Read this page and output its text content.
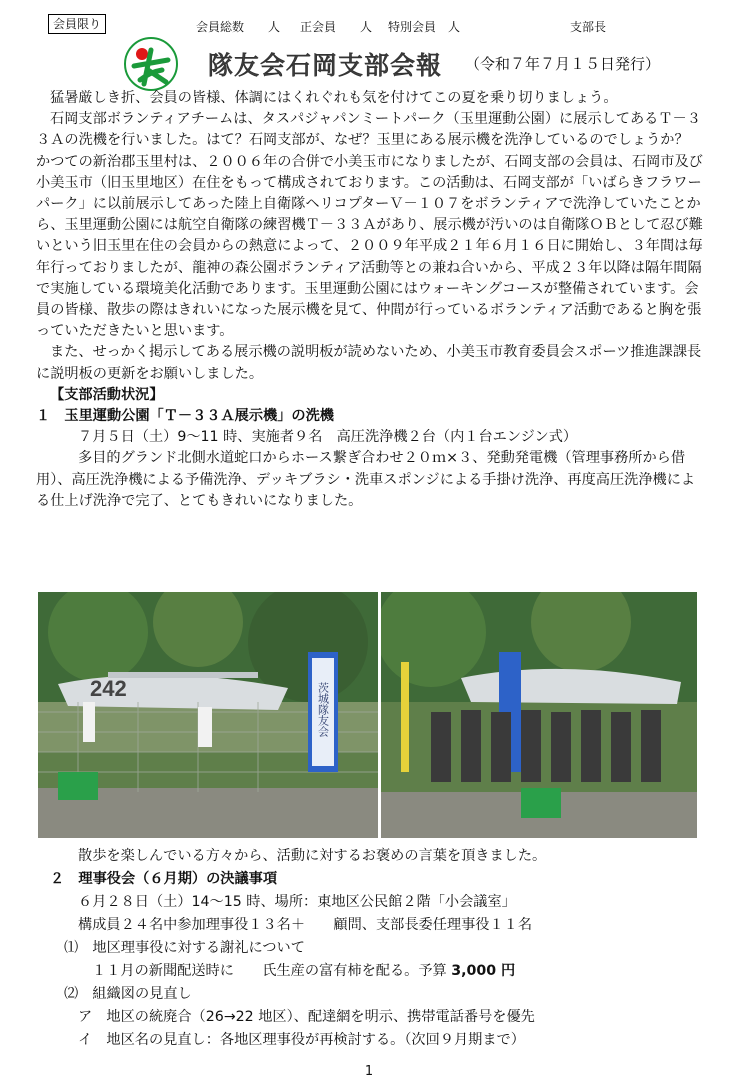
会員限り	会員総数　　人 正会員　　人 特別会員　人	支部長
隊友会石岡支部会報 （令和７年７月１５日発行）

猛暑厳しき折、会員の皆様、体調にはくれぐれも気を付けてこの夏を乗り切りましょう。

石岡支部ボランティアチームは、タスパジャパンミートパーク（玉里運動公園）に展示してあるＴ－３３Ａの洗機を行いました。はて？石岡支部が、なぜ？玉里にある展示機を洗浄しているのでしょうか？　かつての新治郡玉里村は、２００６年の合併で小美玉市になりましたが、石岡支部の会員は、石岡市及び小美玉市（旧玉里地区）在住をもって構成されております。この活動は、石岡支部が「いばらきフラワーパーク」に以前展示してあった陸上自衛隊ヘリコプターＶ－１０７をボランティアで洗浄していたことから、玉里運動公園には航空自衛隊の練習機Ｔ－３３Ａがあり、展示機が汚いのは自衛隊ＯＢとして忍び難いという旧玉里在住の会員からの熱意によって、２００９年平成２１年６月１６日に開始し、３年間は毎年行っておりましたが、龍神の森公園ボランティア活動等との兼ね合いから、平成２３年以降は隔年間隔で実施している環境美化活動であります。玉里運動公園にはウォーキングコースが整備されています。会員の皆様、散歩の際はきれいになった展示機を見て、仲間が行っているボランティア活動であると胸を張っていただきたいと思います。

また、せっかく掲示してある展示機の説明板が読めないため、小美玉市教育委員会スポーツ推進課課長に説明板の更新をお願いしました。

【支部活動状況】

１　玉里運動公園「Ｔ－３３Ａ展示機」の洗機

７月５日（土）9～11 時、実施者９名　高圧洗浄機２台（内１台エンジン式）

多目的グランド北側水道蛇口からホース繋ぎ合わせ２０ｍ×３、発動発電機（管理事務所から借用）、高圧洗浄機による予備洗浄、デッキブラシ・洗車スポンジによる手掛け洗浄、再度高圧洗浄機による仕上げ洗浄で完了、とてもきれいになりました。

242	茨城隊友会

散歩を楽しんでいる方々から、活動に対するお褒めの言葉を頂きました。

２　理事役会（６月期）の決議事項

６月２８日（土）14～15 時、場所：東地区公民館２階「小会議室」

構成員２４名中参加理事役１３名＋　　顧問、支部長委任理事役１１名

⑴　地区理事役に対する謝礼について

１１月の新聞配送時に　　氏生産の富有柿を配る。予算 3,000 円

⑵　組織図の見直し

ア　地区の統廃合（26→22 地区）、配達網を明示、携帯電話番号を優先

イ　地区名の見直し：各地区理事役が再検討する。（次回９月期まで）

1
